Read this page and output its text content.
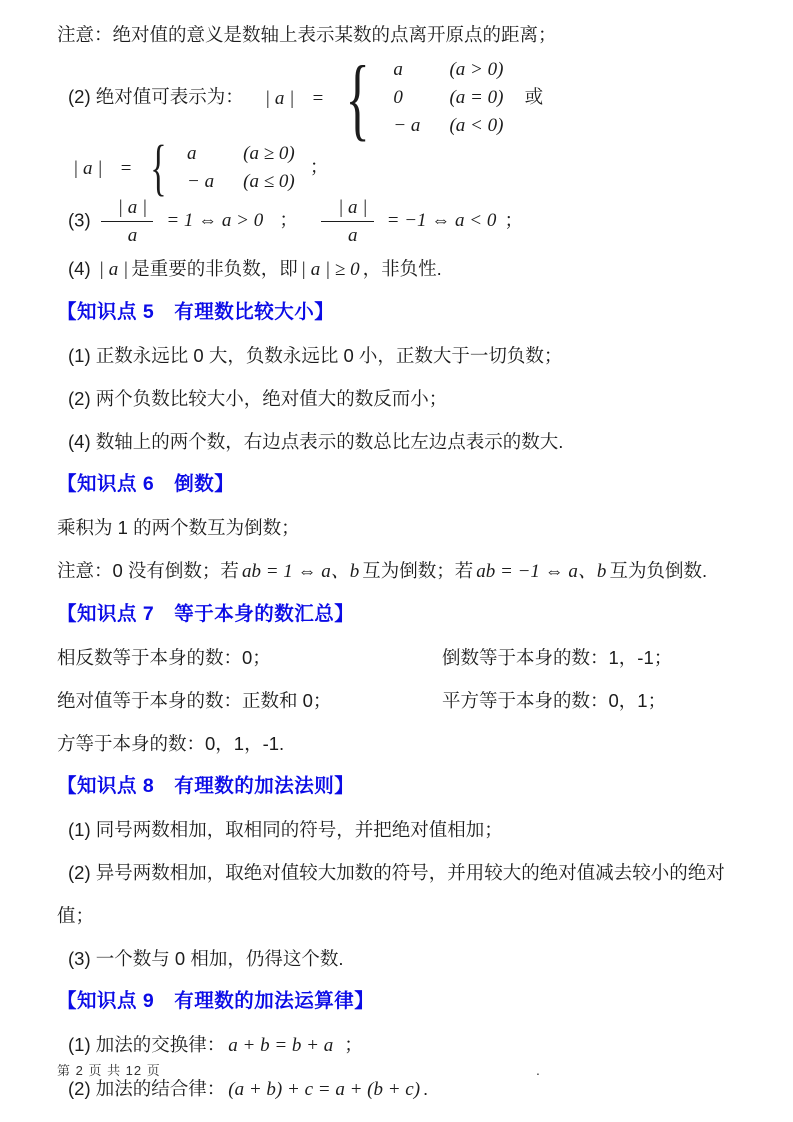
注意：绝对值的意义是数轴上表示某数的点离开原点的距离；

(2) 绝对值可表示为：	| a | = {	a	(a > 0)
0	(a = 0)
− a	(a < 0)
或
| a | = {	a	(a ≥ 0)
− a	(a ≤ 0)
；

$(3) \frac{| a |}{a} = 1$ ⇔ a > 0 ； $\frac{| a |}{a} = -1$ ⇔ a < 0 ；

(4) | a | 是重要的非负数，即 | a | ≥ 0 ，非负性.

【知识点 5　有理数比较大小】

(1) 正数永远比 0 大，负数永远比 0 小，正数大于一切负数；

(2) 两个负数比较大小，绝对值大的数反而小；

(4) 数轴上的两个数，右边点表示的数总比左边点表示的数大.

【知识点 6　倒数】

乘积为 1 的两个数互为倒数；

注意：0 没有倒数；若 ab = 1 ⇔ a、b 互为倒数；若 ab = −1 ⇔ a、b 互为负倒数.

【知识点 7　等于本身的数汇总】

相反数等于本身的数：0；	倒数等于本身的数：1，-1；

绝对值等于本身的数：正数和 0；	平方等于本身的数：0，1；

方等于本身的数：0，1，-1.

【知识点 8　有理数的加法法则】

(1) 同号两数相加，取相同的符号，并把绝对值相加；

(2) 异号两数相加，取绝对值较大加数的符号，并用较大的绝对值减去较小的绝对值；

(3) 一个数与 0 相加，仍得这个数.

【知识点 9　有理数的加法运算律】

(1) 加法的交换律： a + b = b + a ；

(2) 加法的结合律： (a + b) + c = a + (b + c) .

第 2 页 共 12 页	.
